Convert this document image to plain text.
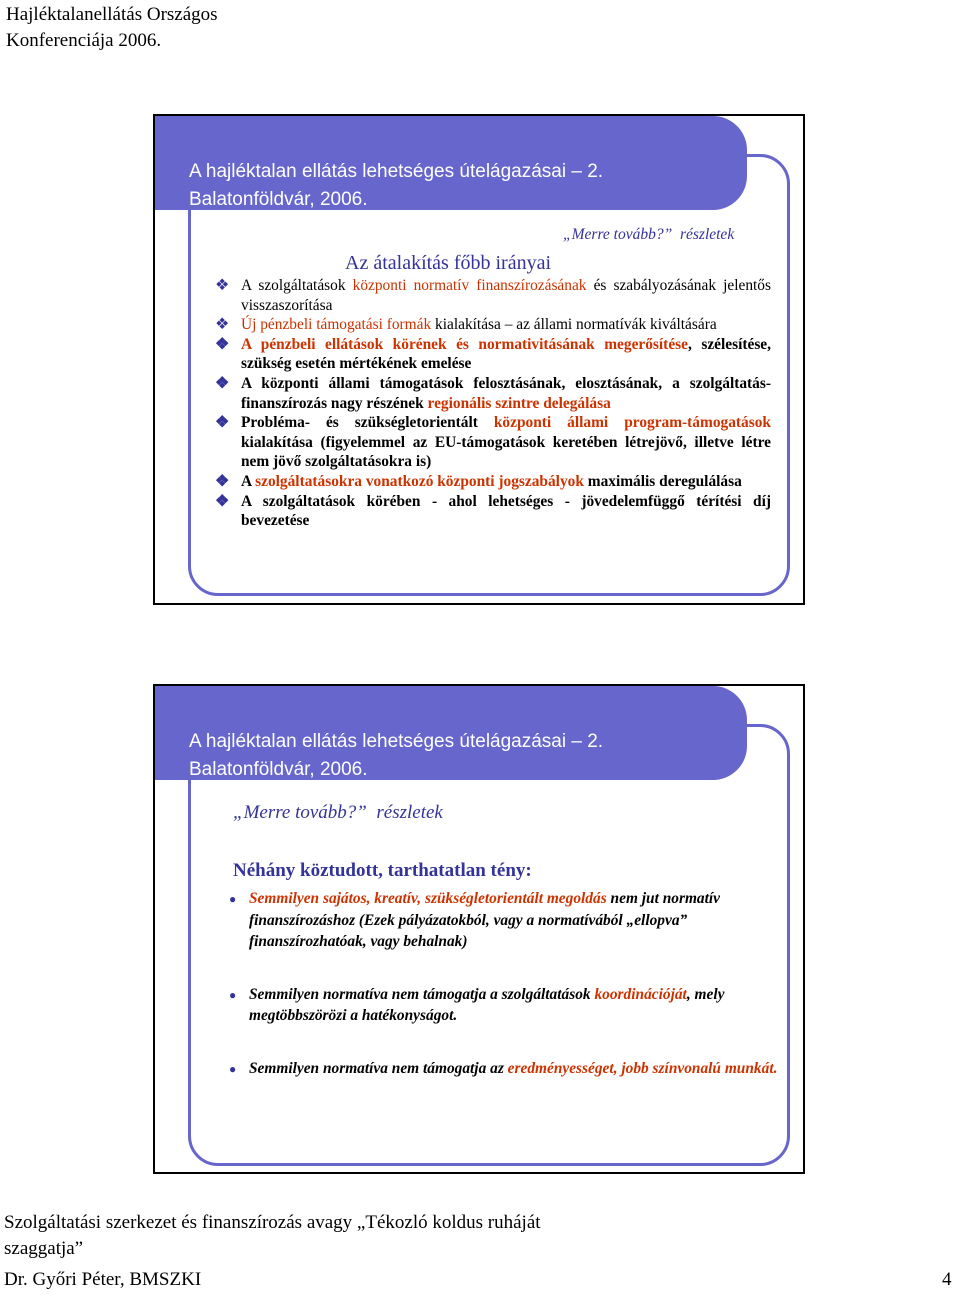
Hajléktalanellátás Országos
Konferenciája 2006.
A hajléktalan ellátás lehetséges útelágazásai – 2.
Balatonföldvár, 2006.
„Merre tovább?”  részletek
Az átalakítás főbb irányai
❖ A szolgáltatások központi normatív finanszírozásának és szabályozásának jelentős visszaszorítása
❖ Új pénzbeli támogatási formák kialakítása – az állami normatívák kiváltására
❖ A pénzbeli ellátások körének és normativitásának megerősítése, szélesítése, szükség esetén mértékének emelése
❖ A központi állami támogatások felosztásának, elosztásának, a szolgáltatás-finanszírozás nagy részének regionális szintre delegálása
❖ Probléma- és szükségletorientált központi állami program-támogatások kialakítása (figyelemmel az EU-támogatások keretében létrejövő, illetve létre nem jövő szolgáltatásokra is)
❖ A szolgáltatásokra vonatkozó központi jogszabályok maximális deregulálása
❖ A szolgáltatások körében - ahol lehetséges - jövedelemfüggő térítési díj bevezetése
A hajléktalan ellátás lehetséges útelágazásai – 2.
Balatonföldvár, 2006.
„Merre tovább?”  részletek
Néhány köztudott, tarthatatlan tény:
● Semmilyen sajátos, kreatív, szükségletorientált megoldás nem jut normatív finanszírozáshoz (Ezek pályázatokból, vagy a normatívából „ellopva” finanszírozhatóak, vagy behalnak)
● Semmilyen normatíva nem támogatja a szolgáltatások koordinációját, mely megtöbbszörözi a hatékonyságot.
● Semmilyen normatíva nem támogatja az eredményességet, jobb színvonalú munkát.
Szolgáltatási szerkezet és finanszírozás avagy „Tékozló koldus ruháját
szaggatja”
Dr. Győri Péter, BMSZKI	4
